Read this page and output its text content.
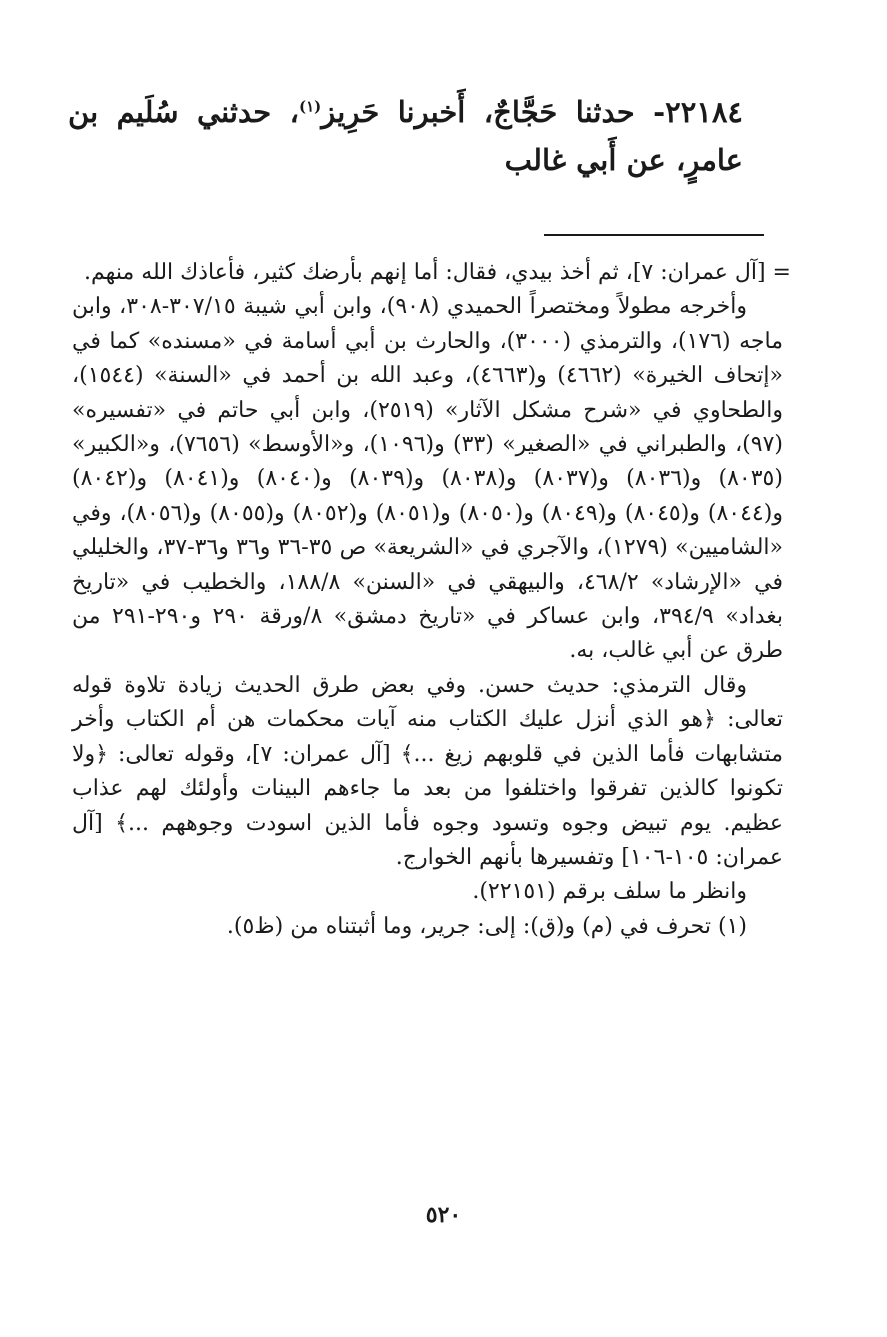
٢٢١٨٤- حدثنا حَجَّاجٌ، أَخبرنا حَرِيز$^{(١)}$، حدثني سُلَيم بن عامرٍ، عن أَبي غالب

= [آل عمران: ٧]، ثم أخذ بيدي، فقال: أما إنهم بأرضك كثير، فأعاذك الله منهم.

وأخرجه مطولاً ومختصراً الحميدي (٩٠٨)، وابن أبي شيبة ٣٠٧/١٥-٣٠٨، وابن ماجه (١٧٦)، والترمذي (٣٠٠٠)، والحارث بن أبي أسامة في «مسنده» كما في «إتحاف الخيرة» (٤٦٦٢) و(٤٦٦٣)، وعبد الله بن أحمد في «السنة» (١٥٤٤)، والطحاوي في «شرح مشكل الآثار» (٢٥١٩)، وابن أبي حاتم في «تفسيره» (٩٧)، والطبراني في «الصغير» (٣٣) و(١٠٩٦)، و«الأوسط» (٧٦٥٦)، و«الكبير» (٨٠٣٥) و(٨٠٣٦) و(٨٠٣٧) و(٨٠٣٨) و(٨٠٣٩) و(٨٠٤٠) و(٨٠٤١) و(٨٠٤٢) و(٨٠٤٤) و(٨٠٤٥) و(٨٠٤٩) و(٨٠٥٠) و(٨٠٥١) و(٨٠٥٢) و(٨٠٥٥) و(٨٠٥٦)، وفي «الشاميين» (١٢٧٩)، والآجري في «الشريعة» ص ٣٥-٣٦ و٣٦ و٣٦-٣٧، والخليلي في «الإرشاد» ٤٦٨/٢، والبيهقي في «السنن» ١٨٨/٨، والخطيب في «تاريخ بغداد» ٣٩٤/٩، وابن عساكر في «تاريخ دمشق» ٨/ورقة ٢٩٠ و٢٩٠-٢٩١ من طرق عن أبي غالب، به.

وقال الترمذي: حديث حسن. وفي بعض طرق الحديث زيادة تلاوة قوله تعالى: ﴿هو الذي أنزل عليك الكتاب منه آيات محكمات هن أم الكتاب وأخر متشابهات فأما الذين في قلوبهم زيغ ...﴾ [آل عمران: ٧]، وقوله تعالى: ﴿ولا تكونوا كالذين تفرقوا واختلفوا من بعد ما جاءهم البينات وأولئك لهم عذاب عظيم. يوم تبيض وجوه وتسود وجوه فأما الذين اسودت وجوههم ...﴾ [آل عمران: ١٠٥-١٠٦] وتفسيرها بأنهم الخوارج.

وانظر ما سلف برقم (٢٢١٥١).

(١) تحرف في (م) و(ق): إلى: جرير، وما أثبتناه من (ظ٥).

٥٢٠
